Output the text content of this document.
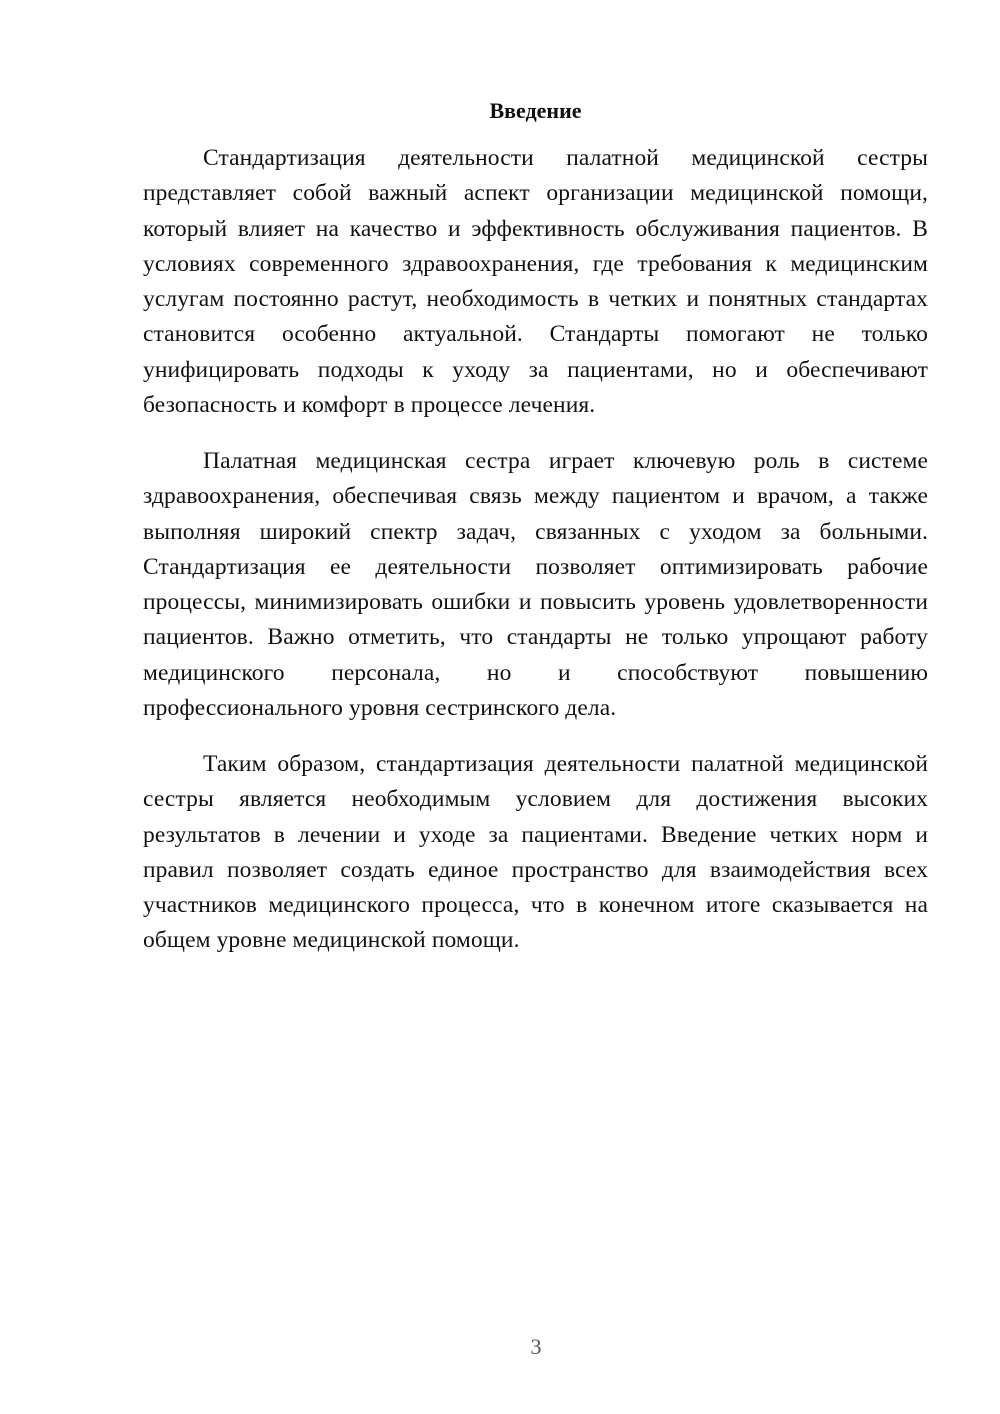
Введение

Стандартизация деятельности палатной медицинской сестры представляет собой важный аспект организации медицинской помощи, который влияет на качество и эффективность обслуживания пациентов. В условиях современного здравоохранения, где требования к медицинским услугам постоянно растут, необходимость в четких и понятных стандартах становится особенно актуальной. Стандарты помогают не только унифицировать подходы к уходу за пациентами, но и обеспечивают безопасность и комфорт в процессе лечения.

Палатная медицинская сестра играет ключевую роль в системе здравоохранения, обеспечивая связь между пациентом и врачом, а также выполняя широкий спектр задач, связанных с уходом за больными. Стандартизация ее деятельности позволяет оптимизировать рабочие процессы, минимизировать ошибки и повысить уровень удовлетворенности пациентов. Важно отметить, что стандарты не только упрощают работу медицинского персонала, но и способствуют повышению профессионального уровня сестринского дела.

Таким образом, стандартизация деятельности палатной медицинской сестры является необходимым условием для достижения высоких результатов в лечении и уходе за пациентами. Введение четких норм и правил позволяет создать единое пространство для взаимодействия всех участников медицинского процесса, что в конечном итоге сказывается на общем уровне медицинской помощи.

3
